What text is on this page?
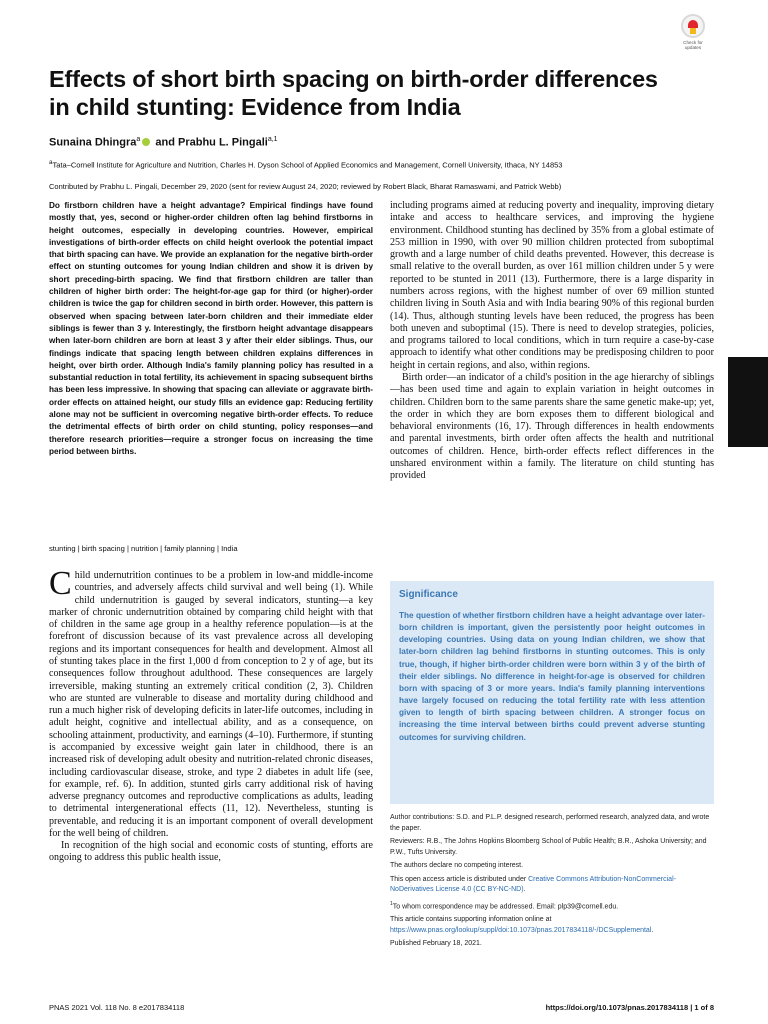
Check for updates
Effects of short birth spacing on birth-order differences in child stunting: Evidence from India
Sunaina Dhingra$^a$ and Prabhu L. Pingali$^{a,1}$
$^a$Tata–Cornell Institute for Agriculture and Nutrition, Charles H. Dyson School of Applied Economics and Management, Cornell University, Ithaca, NY 14853
Contributed by Prabhu L. Pingali, December 29, 2020 (sent for review August 24, 2020; reviewed by Robert Black, Bharat Ramaswami, and Patrick Webb)
Do firstborn children have a height advantage? Empirical findings have found mostly that, yes, second or higher-order children often lag behind firstborns in height outcomes, especially in developing countries. However, empirical investigations of birth-order effects on child height overlook the potential impact that birth spacing can have. We provide an explanation for the negative birth-order effect on stunting outcomes for young Indian children and show it is driven by short preceding-birth spacing. We find that firstborn children are taller than children of higher birth order: The height-for-age gap for third (or higher)-order children is twice the gap for children second in birth order. However, this pattern is observed when spacing between later-born children and their immediate elder siblings is fewer than 3 y. Interestingly, the firstborn height advantage disappears when later-born children are born at least 3 y after their elder siblings. Thus, our findings indicate that spacing length between children explains differences in height, over birth order. Although India's family planning policy has resulted in a substantial reduction in total fertility, its achievement in spacing subsequent births has been less impressive. In showing that spacing can alleviate or aggravate birth-order effects on attained height, our study fills an evidence gap: Reducing fertility alone may not be sufficient in overcoming negative birth-order effects. To reduce the detrimental effects of birth order on child stunting, policy responses—and therefore research priorities—require a stronger focus on increasing the time period between births.
stunting | birth spacing | nutrition | family planning | India

Child undernutrition continues to be a problem in low-and middle-income countries, and adversely affects child survival and well being (1). While child undernutrition is gauged by several indicators, stunting—a key marker of chronic undernutrition obtained by comparing child height with that of children in the same age group in a healthy reference population—is at the forefront of discussion because of its vast prevalence across all developing regions and its important consequences for health and development. Almost all of stunting takes place in the first 1,000 d from conception to 2 y of age, but its consequences follow throughout adulthood. These consequences are largely irreversible, making stunting an extremely critical condition (2, 3). Children who are stunted are vulnerable to disease and mortality during childhood and run a much higher risk of developing deficits in later-life outcomes, including in adult height, cognitive and intellectual ability, and as a consequence, on schooling attainment, productivity, and earnings (4–10). Furthermore, if stunting is accompanied by excessive weight gain later in childhood, there is an increased risk of developing adult obesity and nutrition-related chronic diseases, including cardiovascular disease, stroke, and type 2 diabetes in adult life (see, for example, ref. 6). In addition, stunted girls carry additional risk of having adverse pregnancy outcomes and reproductive complications as adults, leading to detrimental intergenerational effects (11, 12). Nevertheless, stunting is preventable, and reducing it is an important component of overall development for the well being of children.

In recognition of the high social and economic costs of stunting, efforts are ongoing to address this public health issue,

including programs aimed at reducing poverty and inequality, improving dietary intake and access to healthcare services, and improving the hygiene environment. Childhood stunting has declined by 35% from a global estimate of 253 million in 1990, with over 90 million children protected from suboptimal growth and a large number of child deaths prevented. However, this decrease is small relative to the overall burden, as over 161 million children under 5 y were reported to be stunted in 2011 (13). Furthermore, there is a large disparity in numbers across regions, with the highest number of over 69 million stunted children living in South Asia and with India bearing 90% of this regional burden (14). Thus, although stunting levels have been reduced, the progress has been both uneven and suboptimal (15). There is need to develop strategies, policies, and programs tailored to local conditions, which in turn require a case-by-case approach to identify what other conditions may be predisposing children to poor height in certain regions, and also, within regions.

Birth order—an indicator of a child's position in the age hierarchy of siblings—has been used time and again to explain variation in height outcomes in children. Children born to the same parents share the same genetic make-up; yet, the order in which they are born exposes them to different biological and behavioral environments (16, 17). Through differences in health endowments and parental investments, birth order often affects the health and nutritional outcomes of children. Hence, birth-order effects reflect differences in the unshared environment within a family. The literature on child stunting has provided

Significance
The question of whether firstborn children have a height advantage over later-born children is important, given the persistently poor height outcomes in developing countries. Using data on young Indian children, we show that later-born children lag behind firstborns in stunting outcomes. This is only true, though, if higher birth-order children were born within 3 y of the birth of their elder siblings. No difference in height-for-age is observed for children born with spacing of 3 or more years. India's family planning interventions have largely focused on reducing the total fertility rate with less attention given to length of birth spacing between children. A stronger focus on increasing the time interval between births could prevent adverse stunting outcomes for surviving children.

Author contributions: S.D. and P.L.P. designed research, performed research, analyzed data, and wrote the paper.

Reviewers: R.B., The Johns Hopkins Bloomberg School of Public Health; B.R., Ashoka University; and P.W., Tufts University.

The authors declare no competing interest.

This open access article is distributed under Creative Commons Attribution-NonCommercial-NoDerivatives License 4.0 (CC BY-NC-ND).

$^1$To whom correspondence may be addressed. Email: plp39@cornell.edu.

This article contains supporting information online at https://www.pnas.org/lookup/suppl/doi:10.1073/pnas.2017834118/-/DCSupplemental.

Published February 18, 2021.

PNAS 2021 Vol. 118 No. 8 e2017834118	https://doi.org/10.1073/pnas.2017834118 | 1 of 8
